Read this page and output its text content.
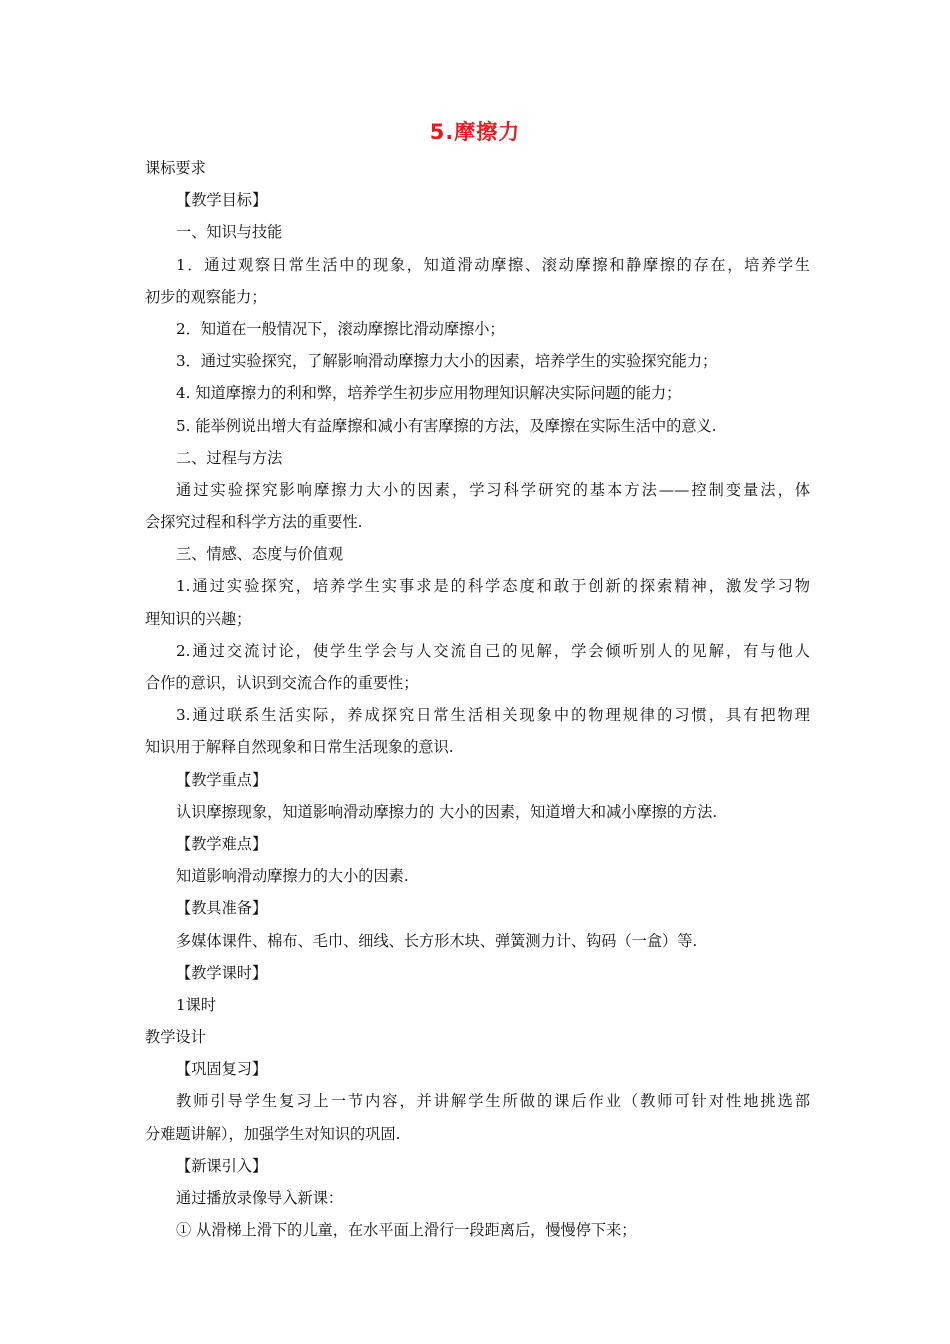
5.摩擦力
课标要求
【教学目标】
一、知识与技能
1．通过观察日常生活中的现象，知道滑动摩擦、滚动摩擦和静摩擦的存在，培养学生
初步的观察能力；
2．知道在一般情况下，滚动摩擦比滑动摩擦小；
3．通过实验探究，了解影响滑动摩擦力大小的因素，培养学生的实验探究能力；
4. 知道摩擦力的利和弊，培养学生初步应用物理知识解决实际问题的能力；
5. 能举例说出增大有益摩擦和减小有害摩擦的方法，及摩擦在实际生活中的意义.
二、过程与方法
通过实验探究影响摩擦力大小的因素，学习科学研究的基本方法——控制变量法，体
会探究过程和科学方法的重要性.
三、情感、态度与价值观
1.通过实验探究，培养学生实事求是的科学态度和敢于创新的探索精神，激发学习物
理知识的兴趣；
2.通过交流讨论，使学生学会与人交流自己的见解，学会倾听别人的见解，有与他人
合作的意识，认识到交流合作的重要性；
3.通过联系生活实际，养成探究日常生活相关现象中的物理规律的习惯，具有把物理
知识用于解释自然现象和日常生活现象的意识.
【教学重点】
认识摩擦现象，知道影响滑动摩擦力的 大小的因素，知道增大和减小摩擦的方法.
【教学难点】
知道影响滑动摩擦力的大小的因素.
【教具准备】
多媒体课件、棉布、毛巾、细线、长方形木块、弹簧测力计、钩码（一盒）等.
【教学课时】
1课时
教学设计
【巩固复习】
教师引导学生复习上一节内容，并讲解学生所做的课后作业（教师可针对性地挑选部
分难题讲解），加强学生对知识的巩固.
【新课引入】
通过播放录像导入新课：
① 从滑梯上滑下的儿童，在水平面上滑行一段距离后，慢慢停下来；
